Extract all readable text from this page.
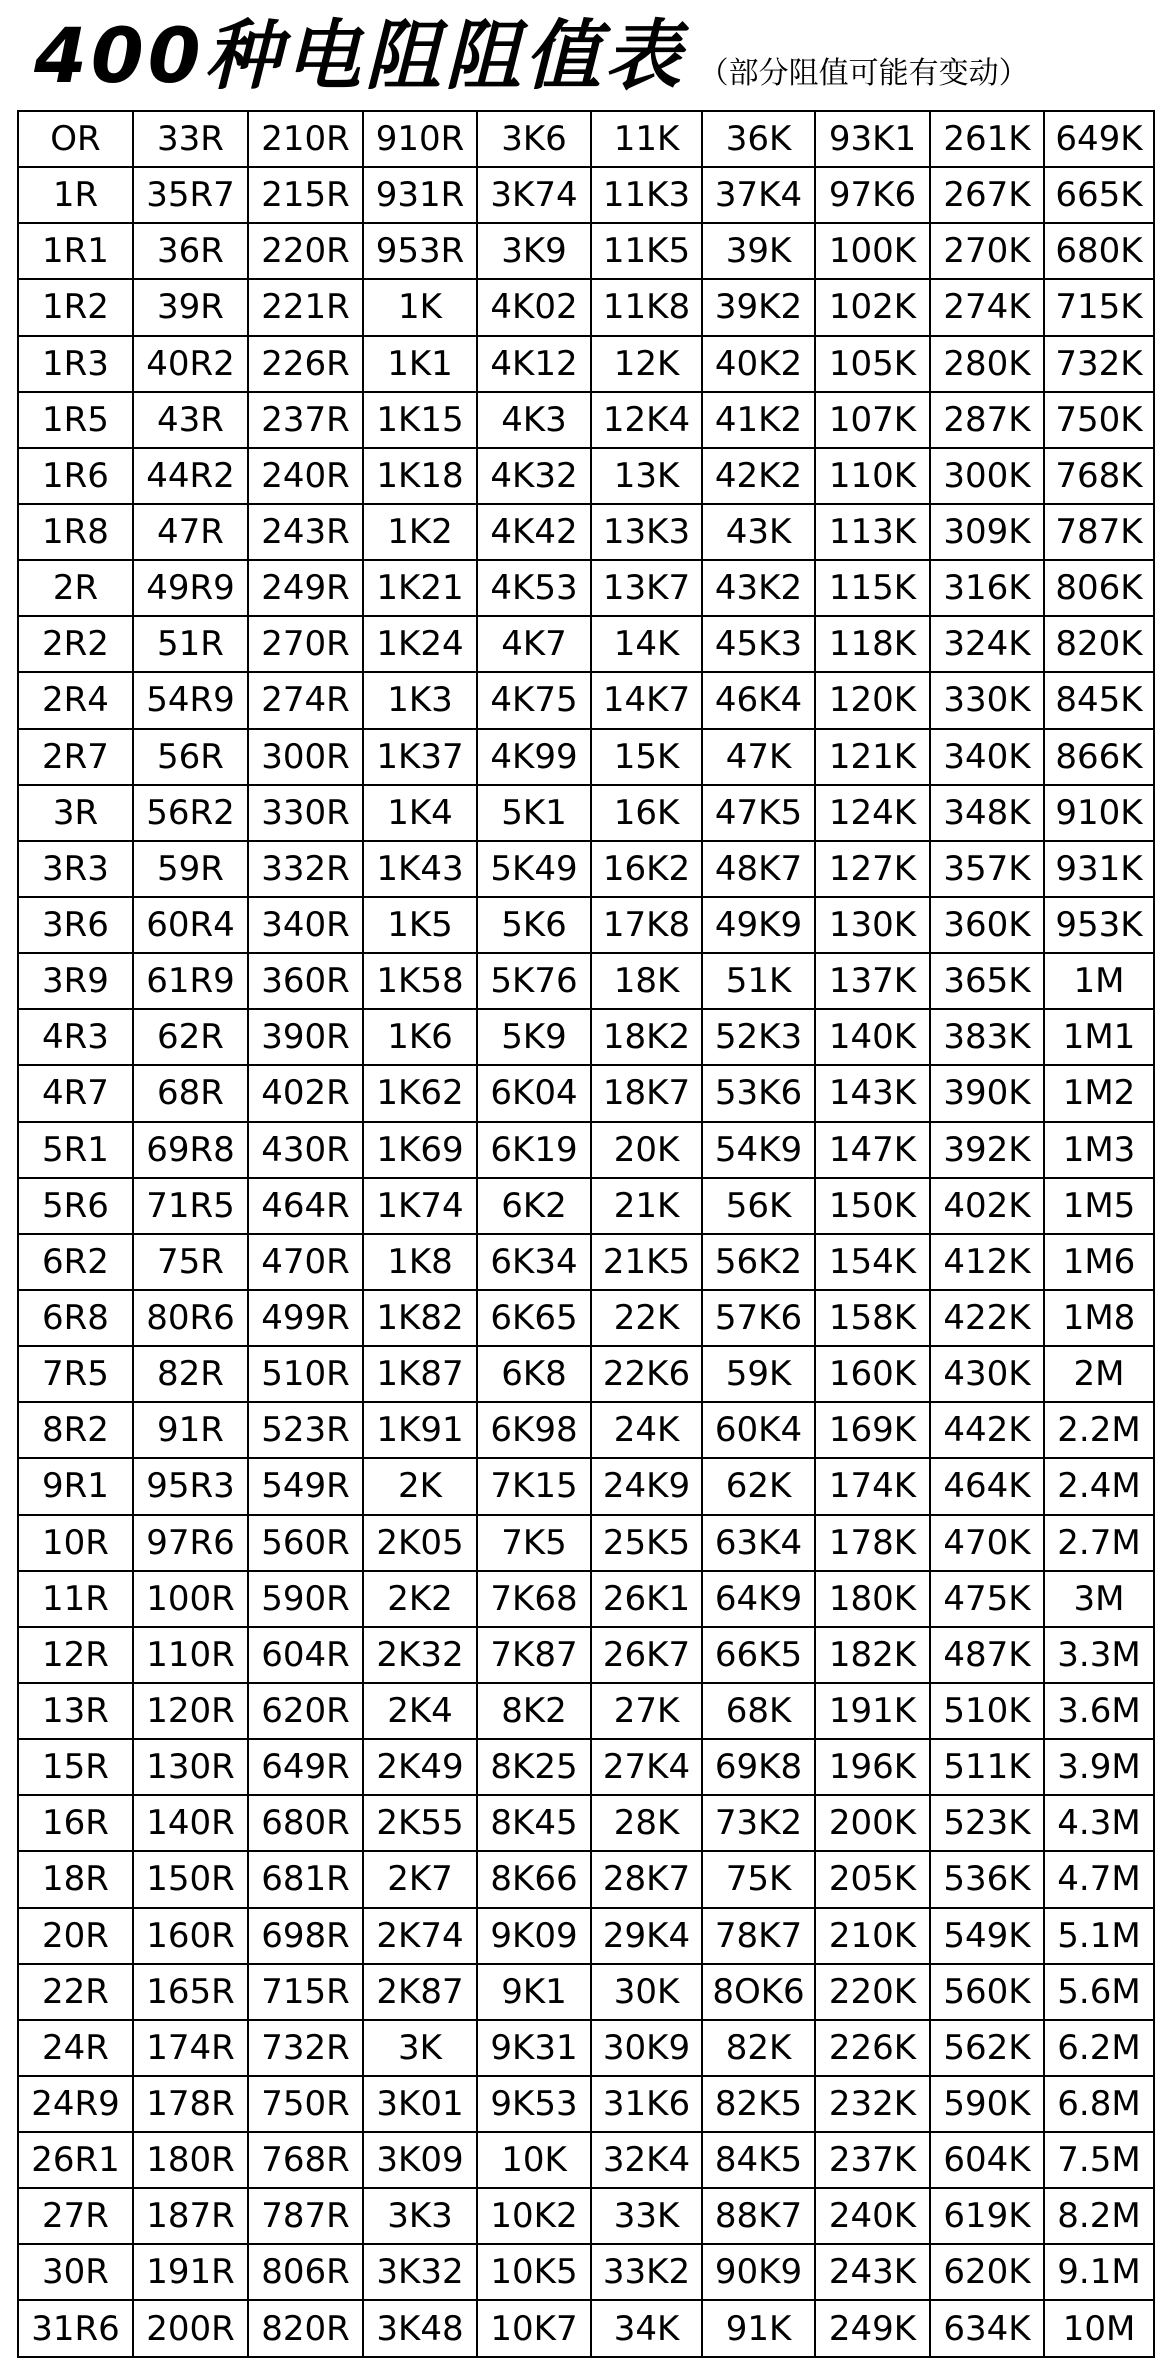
400种电阻阻值表 （部分阻值可能有变动）
OR	33R	210R	910R	3K6	11K	36K	93K1	261K	649K
1R	35R7	215R	931R	3K74	11K3	37K4	97K6	267K	665K
1R1	36R	220R	953R	3K9	11K5	39K	100K	270K	680K
1R2	39R	221R	1K	4K02	11K8	39K2	102K	274K	715K
1R3	40R2	226R	1K1	4K12	12K	40K2	105K	280K	732K
1R5	43R	237R	1K15	4K3	12K4	41K2	107K	287K	750K
1R6	44R2	240R	1K18	4K32	13K	42K2	110K	300K	768K
1R8	47R	243R	1K2	4K42	13K3	43K	113K	309K	787K
2R	49R9	249R	1K21	4K53	13K7	43K2	115K	316K	806K
2R2	51R	270R	1K24	4K7	14K	45K3	118K	324K	820K
2R4	54R9	274R	1K3	4K75	14K7	46K4	120K	330K	845K
2R7	56R	300R	1K37	4K99	15K	47K	121K	340K	866K
3R	56R2	330R	1K4	5K1	16K	47K5	124K	348K	910K
3R3	59R	332R	1K43	5K49	16K2	48K7	127K	357K	931K
3R6	60R4	340R	1K5	5K6	17K8	49K9	130K	360K	953K
3R9	61R9	360R	1K58	5K76	18K	51K	137K	365K	1M
4R3	62R	390R	1K6	5K9	18K2	52K3	140K	383K	1M1
4R7	68R	402R	1K62	6K04	18K7	53K6	143K	390K	1M2
5R1	69R8	430R	1K69	6K19	20K	54K9	147K	392K	1M3
5R6	71R5	464R	1K74	6K2	21K	56K	150K	402K	1M5
6R2	75R	470R	1K8	6K34	21K5	56K2	154K	412K	1M6
6R8	80R6	499R	1K82	6K65	22K	57K6	158K	422K	1M8
7R5	82R	510R	1K87	6K8	22K6	59K	160K	430K	2M
8R2	91R	523R	1K91	6K98	24K	60K4	169K	442K	2.2M
9R1	95R3	549R	2K	7K15	24K9	62K	174K	464K	2.4M
10R	97R6	560R	2K05	7K5	25K5	63K4	178K	470K	2.7M
11R	100R	590R	2K2	7K68	26K1	64K9	180K	475K	3M
12R	110R	604R	2K32	7K87	26K7	66K5	182K	487K	3.3M
13R	120R	620R	2K4	8K2	27K	68K	191K	510K	3.6M
15R	130R	649R	2K49	8K25	27K4	69K8	196K	511K	3.9M
16R	140R	680R	2K55	8K45	28K	73K2	200K	523K	4.3M
18R	150R	681R	2K7	8K66	28K7	75K	205K	536K	4.7M
20R	160R	698R	2K74	9K09	29K4	78K7	210K	549K	5.1M
22R	165R	715R	2K87	9K1	30K	8OK6	220K	560K	5.6M
24R	174R	732R	3K	9K31	30K9	82K	226K	562K	6.2M
24R9	178R	750R	3K01	9K53	31K6	82K5	232K	590K	6.8M
26R1	180R	768R	3K09	10K	32K4	84K5	237K	604K	7.5M
27R	187R	787R	3K3	10K2	33K	88K7	240K	619K	8.2M
30R	191R	806R	3K32	10K5	33K2	90K9	243K	620K	9.1M
31R6	200R	820R	3K48	10K7	34K	91K	249K	634K	10M
